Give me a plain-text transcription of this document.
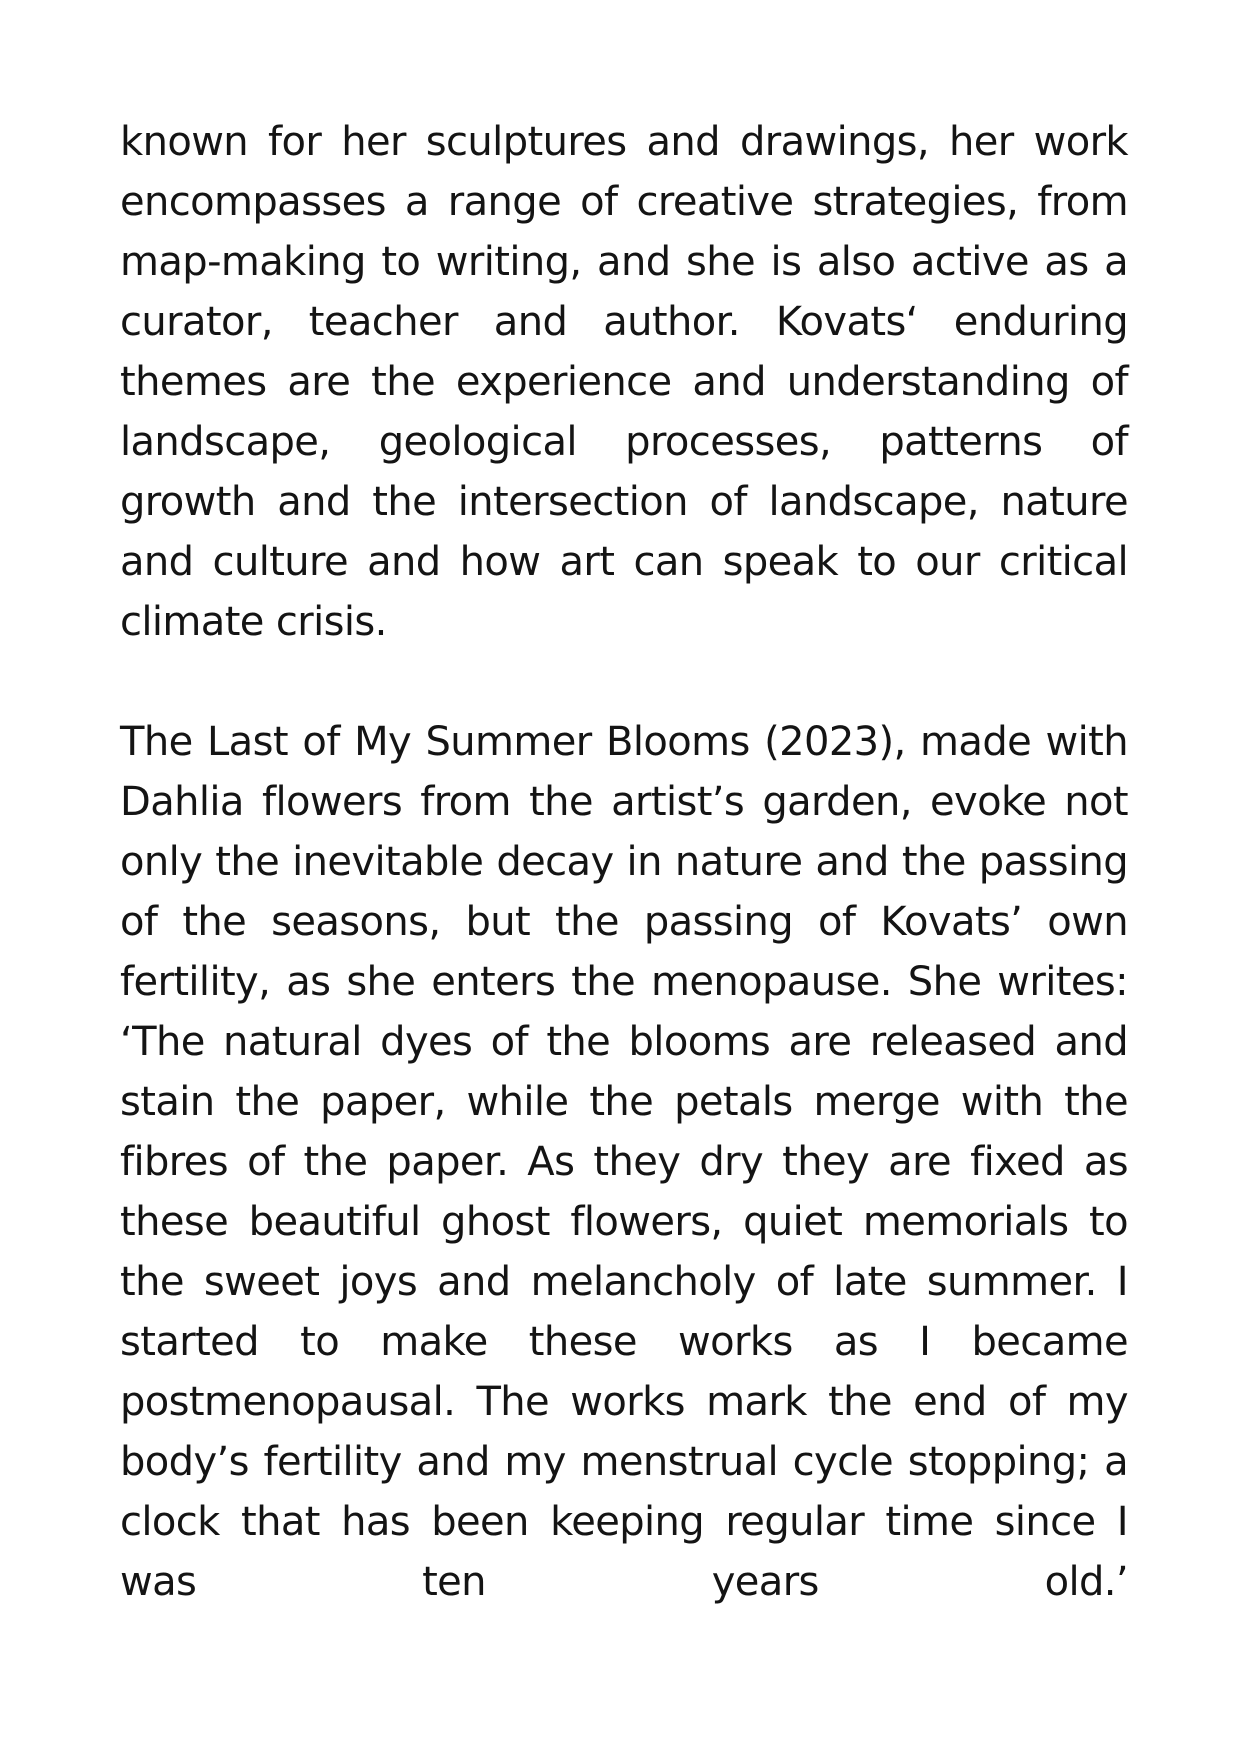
known for her sculptures and drawings, her work encompasses a range of creative strategies, from map-making to writing, and she is also active as a curator, teacher and author. Kovats‘ enduring themes are the experience and understanding of landscape, geological processes, patterns of growth and the intersection of landscape, nature and culture and how art can speak to our critical climate crisis.

The Last of My Summer Blooms (2023), made with Dahlia flowers from the artist’s garden, evoke not only the inevitable decay in nature and the passing of the seasons, but the passing of Kovats’ own fertility, as she enters the menopause. She writes: ‘The natural dyes of the blooms are released and stain the paper, while the petals merge with the fibres of the paper. As they dry they are fixed as these beautiful ghost flowers, quiet memorials to the sweet joys and melancholy of late summer. I started to make these works as I became postmenopausal. The works mark the end of my body’s fertility and my menstrual cycle stopping; a clock that has been keeping regular time since I was ten years old.’
